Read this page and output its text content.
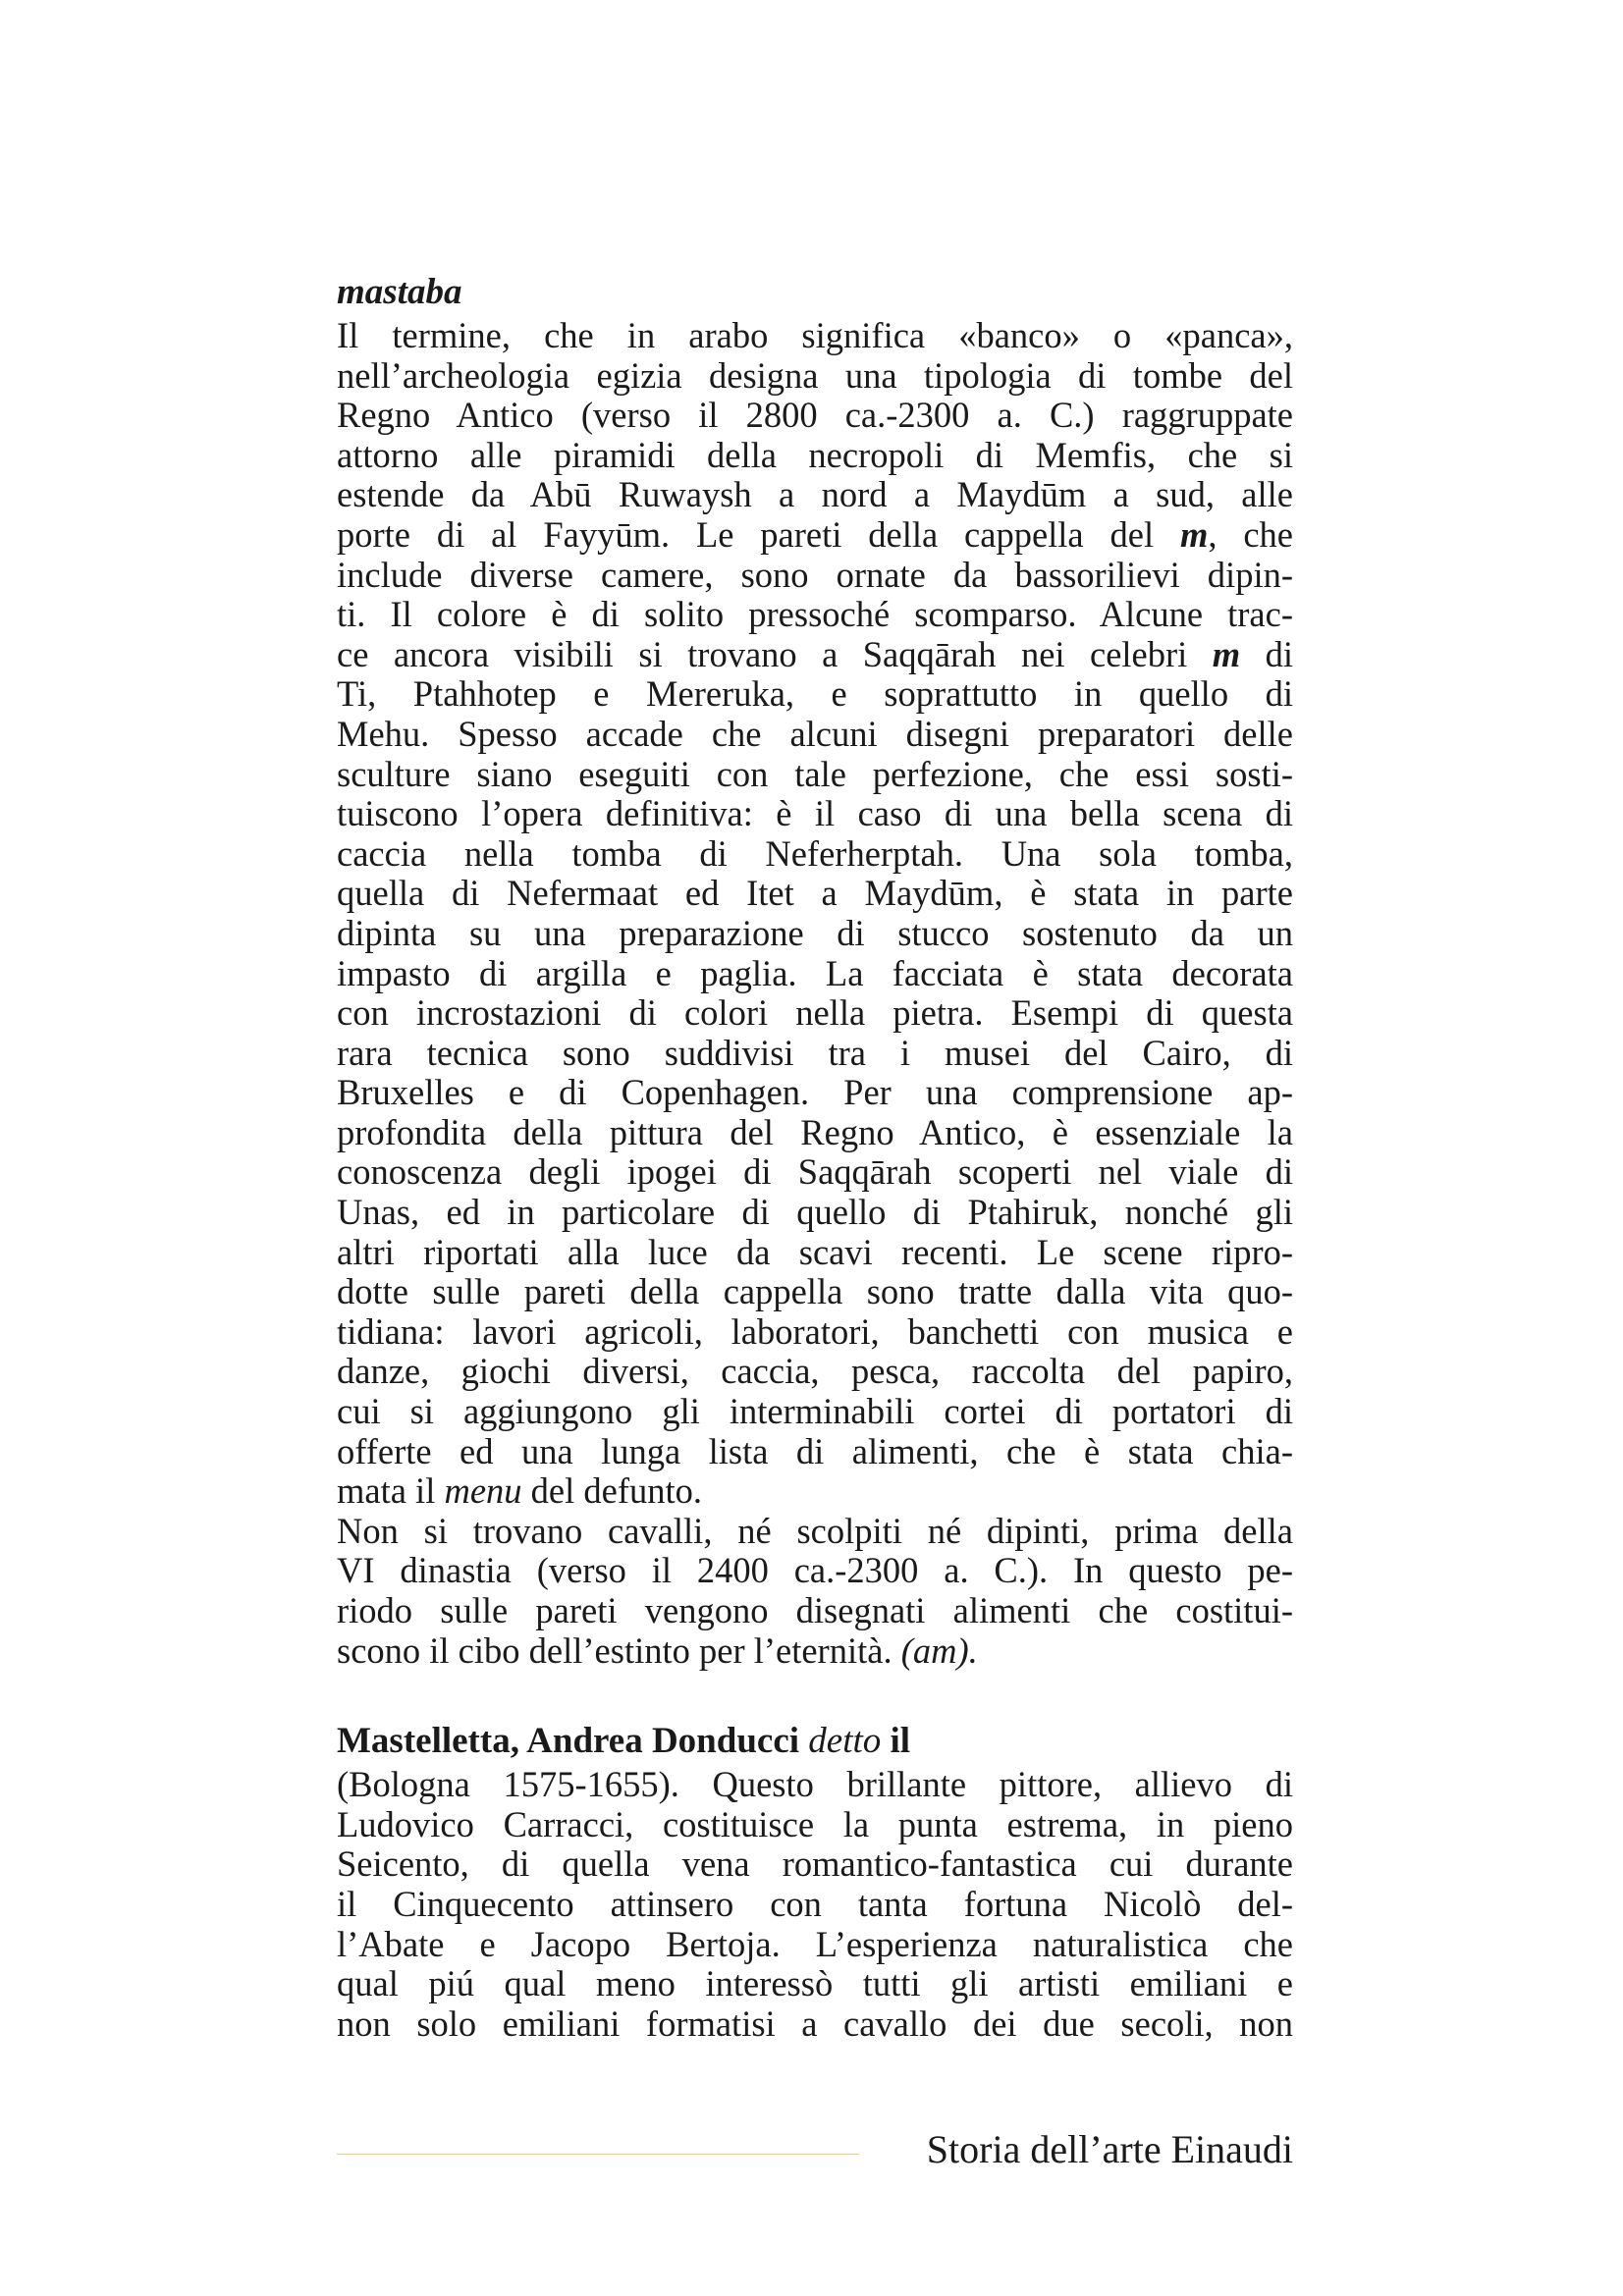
mastaba
Il termine, che in arabo significa «banco» o «panca»,
nell’archeologia egizia designa una tipologia di tombe del
Regno Antico (verso il 2800 ca.-2300 a. C.) raggruppate
attorno alle piramidi della necropoli di Memfis, che si
estende da Abū Ruwaysh a nord a Maydūm a sud, alle
porte di al Fayyūm. Le pareti della cappella del m, che
include diverse camere, sono ornate da bassorilievi dipin-
ti. Il colore è di solito pressoché scomparso. Alcune trac-
ce ancora visibili si trovano a Saqqārah nei celebri m di
Ti, Ptahhotep e Mereruka, e soprattutto in quello di
Mehu. Spesso accade che alcuni disegni preparatori delle
sculture siano eseguiti con tale perfezione, che essi sosti-
tuiscono l’opera definitiva: è il caso di una bella scena di
caccia nella tomba di Neferherptah. Una sola tomba,
quella di Nefermaat ed Itet a Maydūm, è stata in parte
dipinta su una preparazione di stucco sostenuto da un
impasto di argilla e paglia. La facciata è stata decorata
con incrostazioni di colori nella pietra. Esempi di questa
rara tecnica sono suddivisi tra i musei del Cairo, di
Bruxelles e di Copenhagen. Per una comprensione ap-
profondita della pittura del Regno Antico, è essenziale la
conoscenza degli ipogei di Saqqārah scoperti nel viale di
Unas, ed in particolare di quello di Ptahiruk, nonché gli
altri riportati alla luce da scavi recenti. Le scene ripro-
dotte sulle pareti della cappella sono tratte dalla vita quo-
tidiana: lavori agricoli, laboratori, banchetti con musica e
danze, giochi diversi, caccia, pesca, raccolta del papiro,
cui si aggiungono gli interminabili cortei di portatori di
offerte ed una lunga lista di alimenti, che è stata chia-
mata il menu del defunto.
Non si trovano cavalli, né scolpiti né dipinti, prima della
VI dinastia (verso il 2400 ca.-2300 a. C.). In questo pe-
riodo sulle pareti vengono disegnati alimenti che costitui-
scono il cibo dell’estinto per l’eternità. (am).
Mastelletta, Andrea Donducci detto il
(Bologna 1575-1655). Questo brillante pittore, allievo di
Ludovico Carracci, costituisce la punta estrema, in pieno
Seicento, di quella vena romantico-fantastica cui durante
il Cinquecento attinsero con tanta fortuna Nicolò del-
l’Abate e Jacopo Bertoja. L’esperienza naturalistica che
qual piú qual meno interessò tutti gli artisti emiliani e
non solo emiliani formatisi a cavallo dei due secoli, non
Storia dell’arte Einaudi
